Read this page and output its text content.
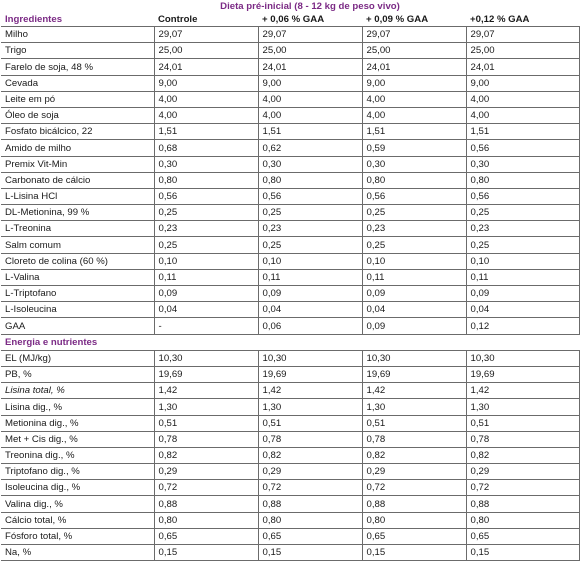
	Dieta pré-inicial (8 - 12 kg de peso vivo)			
Ingredientes	Controle	+ 0,06 % GAA	+ 0,09 % GAA	+0,12 % GAA
Milho	29,07	29,07	29,07	29,07
Trigo	25,00	25,00	25,00	25,00
Farelo de soja, 48 %	24,01	24,01	24,01	24,01
Cevada	9,00	9,00	9,00	9,00
Leite em pó	4,00	4,00	4,00	4,00
Óleo de soja	4,00	4,00	4,00	4,00
Fosfato bicálcico, 22	1,51	1,51	1,51	1,51
Amido de milho	0,68	0,62	0,59	0,56
Premix Vit-Min	0,30	0,30	0,30	0,30
Carbonato de cálcio	0,80	0,80	0,80	0,80
L-Lisina HCl	0,56	0,56	0,56	0,56
DL-Metionina, 99 %	0,25	0,25	0,25	0,25
L-Treonina	0,23	0,23	0,23	0,23
Salm comum	0,25	0,25	0,25	0,25
Cloreto de colina (60 %)	0,10	0,10	0,10	0,10
L-Valina	0,11	0,11	0,11	0,11
L-Triptofano	0,09	0,09	0,09	0,09
L-Isoleucina	0,04	0,04	0,04	0,04
GAA	-	0,06	0,09	0,12
Energia e nutrientes				
EL (MJ/kg)	10,30	10,30	10,30	10,30
PB, %	19,69	19,69	19,69	19,69
Lisina total, %	1,42	1,42	1,42	1,42
Lisina dig., %	1,30	1,30	1,30	1,30
Metionina dig., %	0,51	0,51	0,51	0,51
Met + Cis dig., %	0,78	0,78	0,78	0,78
Treonina dig., %	0,82	0,82	0,82	0,82
Triptofano dig., %	0,29	0,29	0,29	0,29
Isoleucina dig., %	0,72	0,72	0,72	0,72
Valina dig., %	0,88	0,88	0,88	0,88
Cálcio total, %	0,80	0,80	0,80	0,80
Fósforo total, %	0,65	0,65	0,65	0,65
Na, %	0,15	0,15	0,15	0,15
